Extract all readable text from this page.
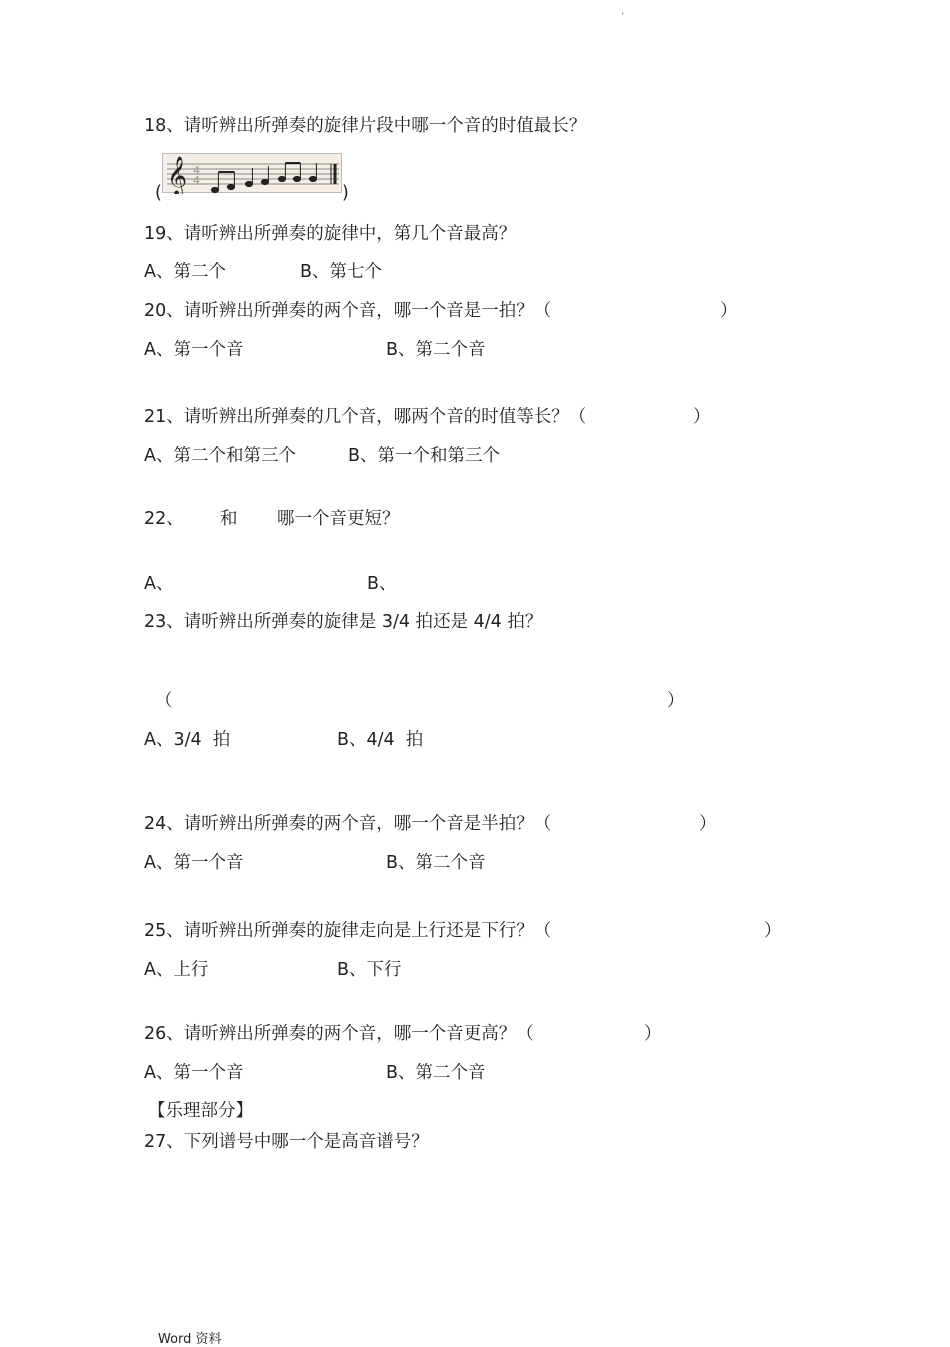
.
18、请听辨出所弹奏的旋律片段中哪一个音的时值最长？
( 𝄞 4
4
)
19、请听辨出所弹奏的旋律中，第几个音最高？
A、第二个	B、第七个
20、请听辨出所弹奏的两个音，哪一个音是一拍？（	）
A、第一个音	B、第二个音
21、请听辨出所弹奏的几个音，哪两个音的时值等长？（	）
A、第二个和第三个	B、第一个和第三个
22、 和 哪一个音更短？
A、	B、
23、请听辨出所弹奏的旋律是 3/4 拍还是 4/4 拍？
（	）
A、3/4  拍	B、4/4  拍
24、请听辨出所弹奏的两个音，哪一个音是半拍？（	）
A、第一个音	B、第二个音
25、请听辨出所弹奏的旋律走向是上行还是下行？（	）
A、上行	B、下行
26、请听辨出所弹奏的两个音，哪一个音更高？（	）
A、第一个音	B、第二个音
【乐理部分】
27、下列谱号中哪一个是高音谱号？
Word 资料
